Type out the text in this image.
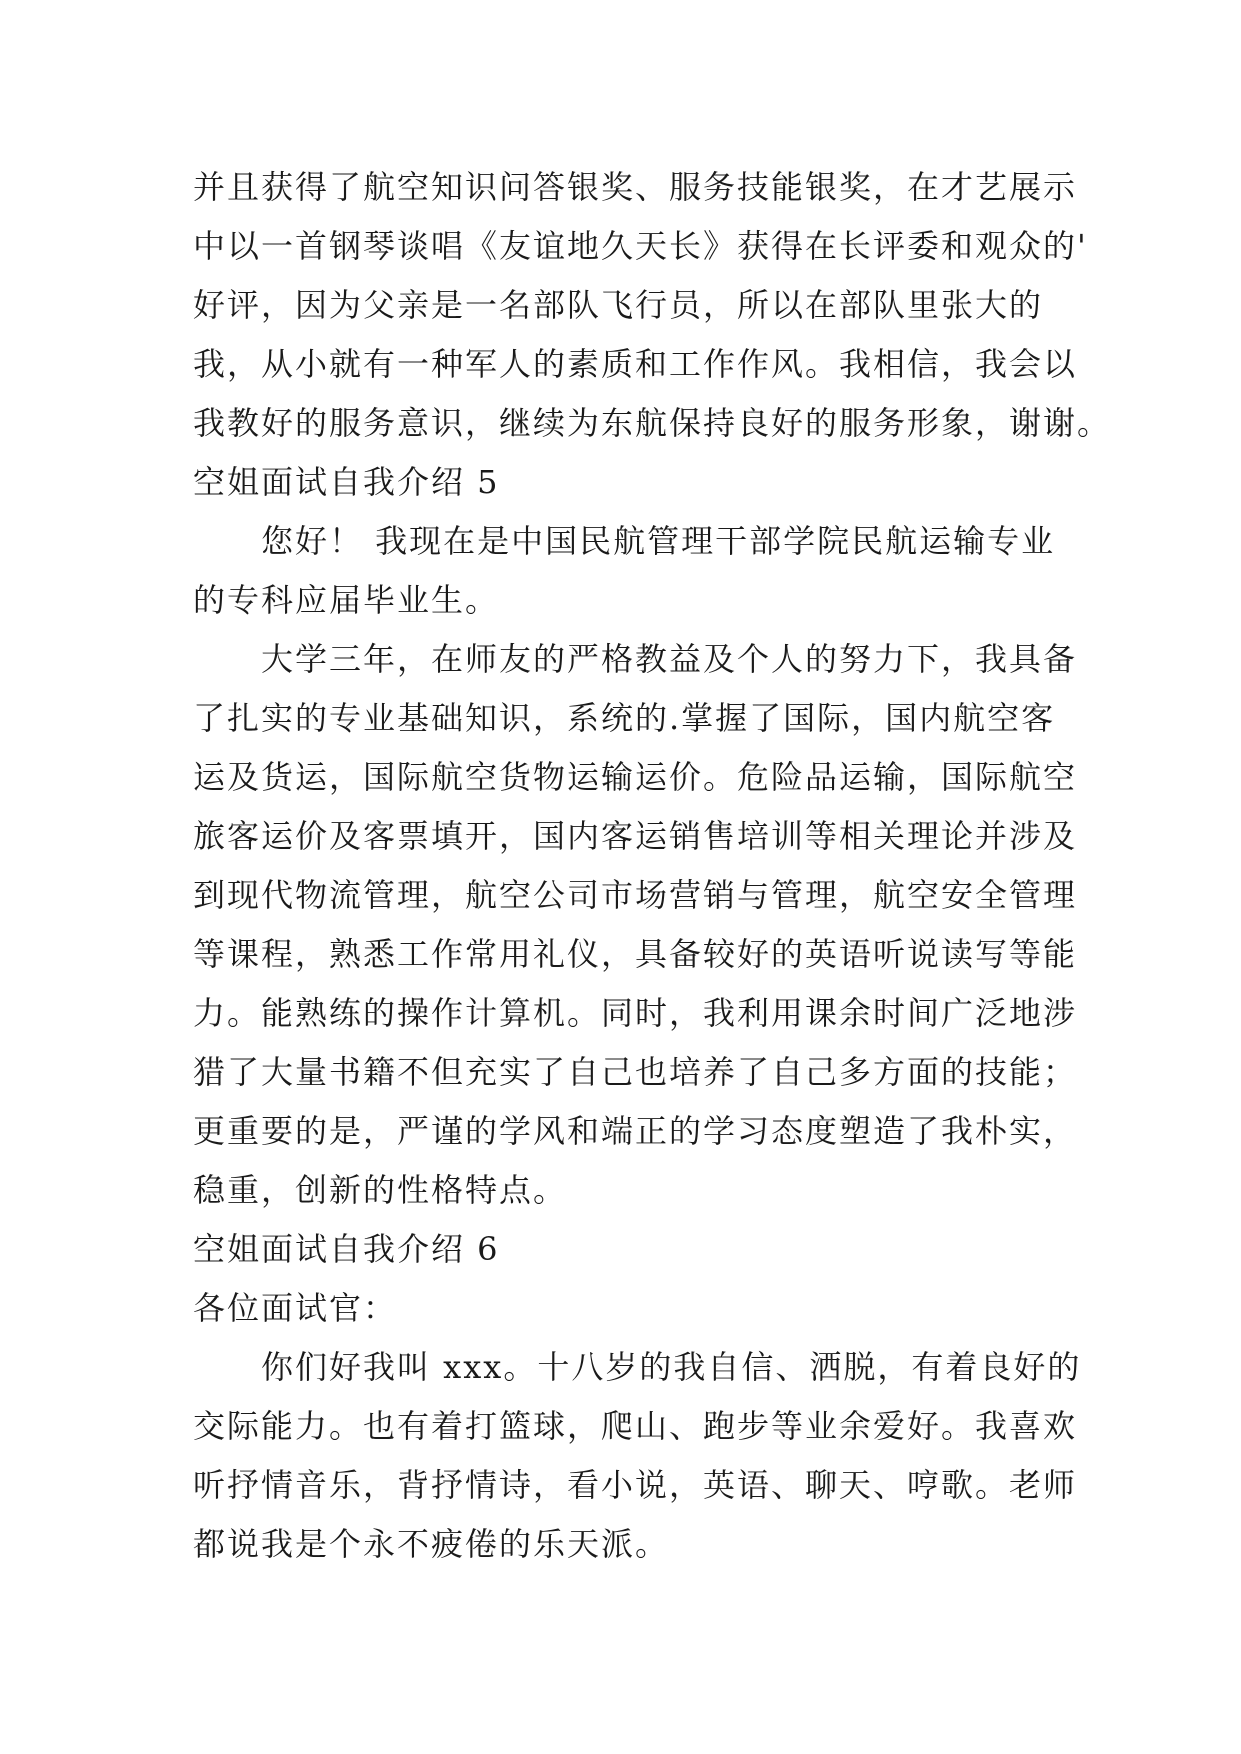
并且获得了航空知识问答银奖、服务技能银奖，在才艺展示
中以一首钢琴谈唱《友谊地久天长》获得在长评委和观众的'
好评，因为父亲是一名部队飞行员，所以在部队里张大的
我，从小就有一种军人的素质和工作作风。我相信，我会以
我教好的服务意识，继续为东航保持良好的服务形象，谢谢。
空姐面试自我介绍 5
您好！ 我现在是中国民航管理干部学院民航运输专业
的专科应届毕业生。
大学三年，在师友的严格教益及个人的努力下，我具备
了扎实的专业基础知识，系统的.掌握了国际，国内航空客
运及货运，国际航空货物运输运价。危险品运输，国际航空
旅客运价及客票填开，国内客运销售培训等相关理论并涉及
到现代物流管理，航空公司市场营销与管理，航空安全管理
等课程，熟悉工作常用礼仪，具备较好的英语听说读写等能
力。能熟练的操作计算机。同时，我利用课余时间广泛地涉
猎了大量书籍不但充实了自己也培养了自己多方面的技能；
更重要的是，严谨的学风和端正的学习态度塑造了我朴实，
稳重，创新的性格特点。
空姐面试自我介绍 6
各位面试官：
你们好我叫 xxx。十八岁的我自信、洒脱，有着良好的
交际能力。也有着打篮球，爬山、跑步等业余爱好。我喜欢
听抒情音乐，背抒情诗，看小说，英语、聊天、哼歌。老师
都说我是个永不疲倦的乐天派。
